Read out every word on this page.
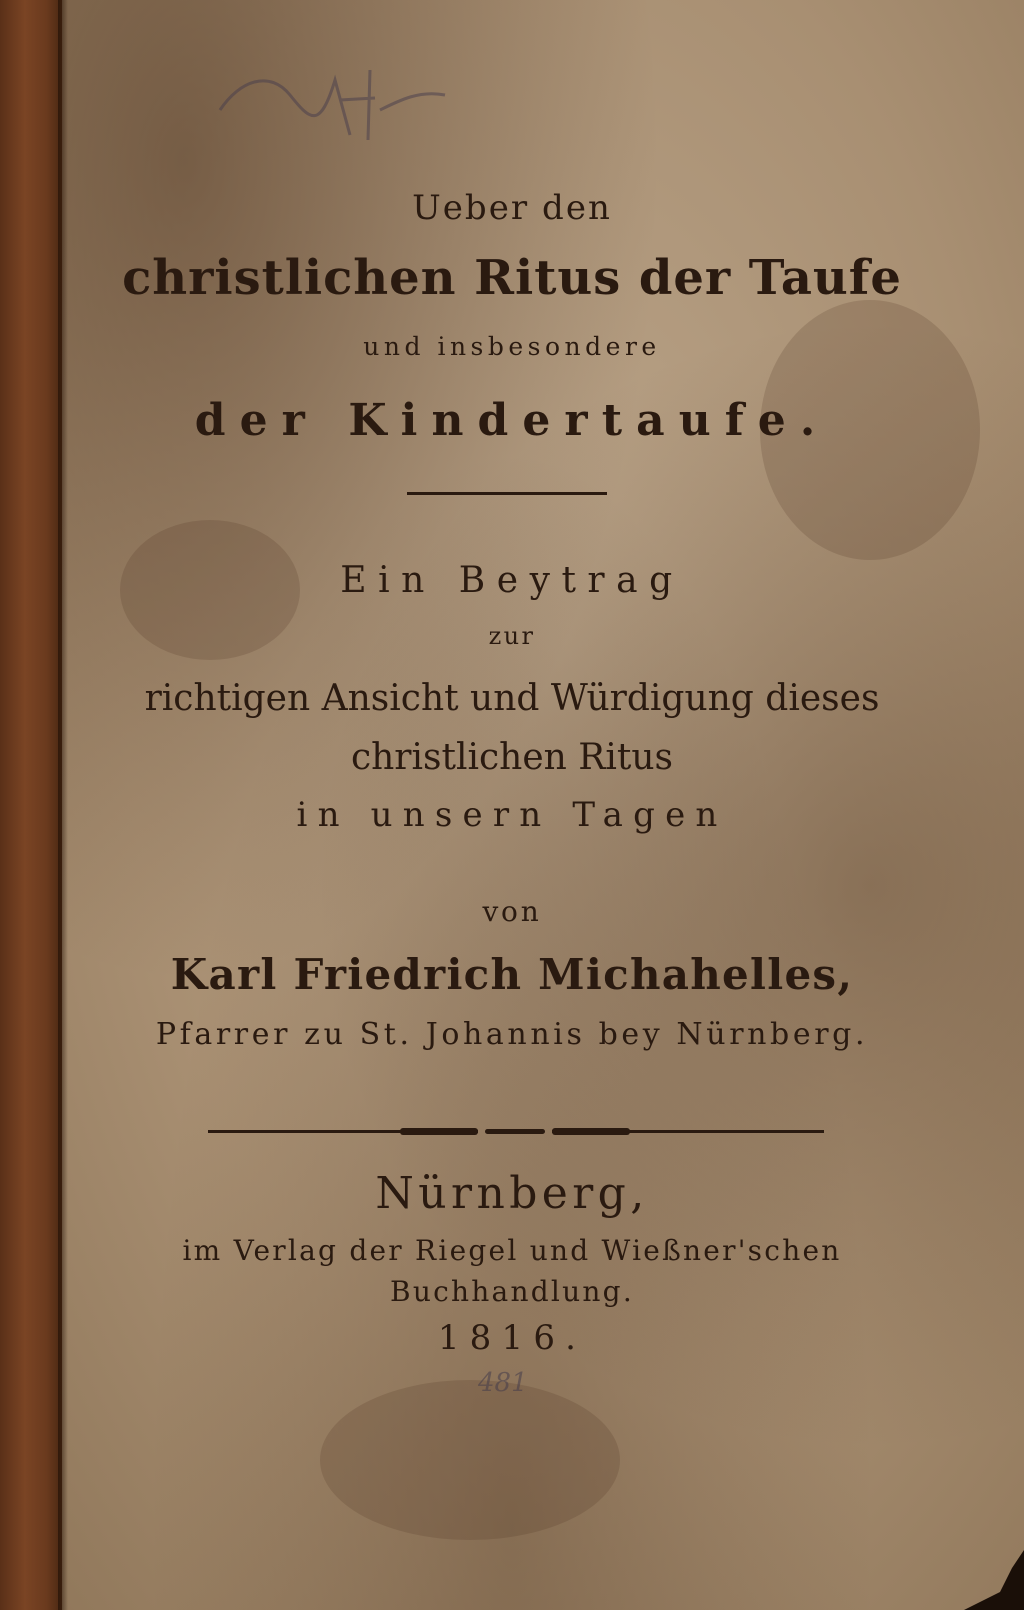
Act
Ueber den
christlichen Ritus der Taufe
und insbesondere
der Kindertaufe.
Ein Beytrag
zur
richtigen Ansicht und Würdigung dieses
christlichen Ritus
in unsern Tagen
von
Karl Friedrich Michahelles,
Pfarrer zu St. Johannis bey Nürnberg.
Nürnberg,
im Verlag der Riegel und Wießner'schen
Buchhandlung.
1816.
481
